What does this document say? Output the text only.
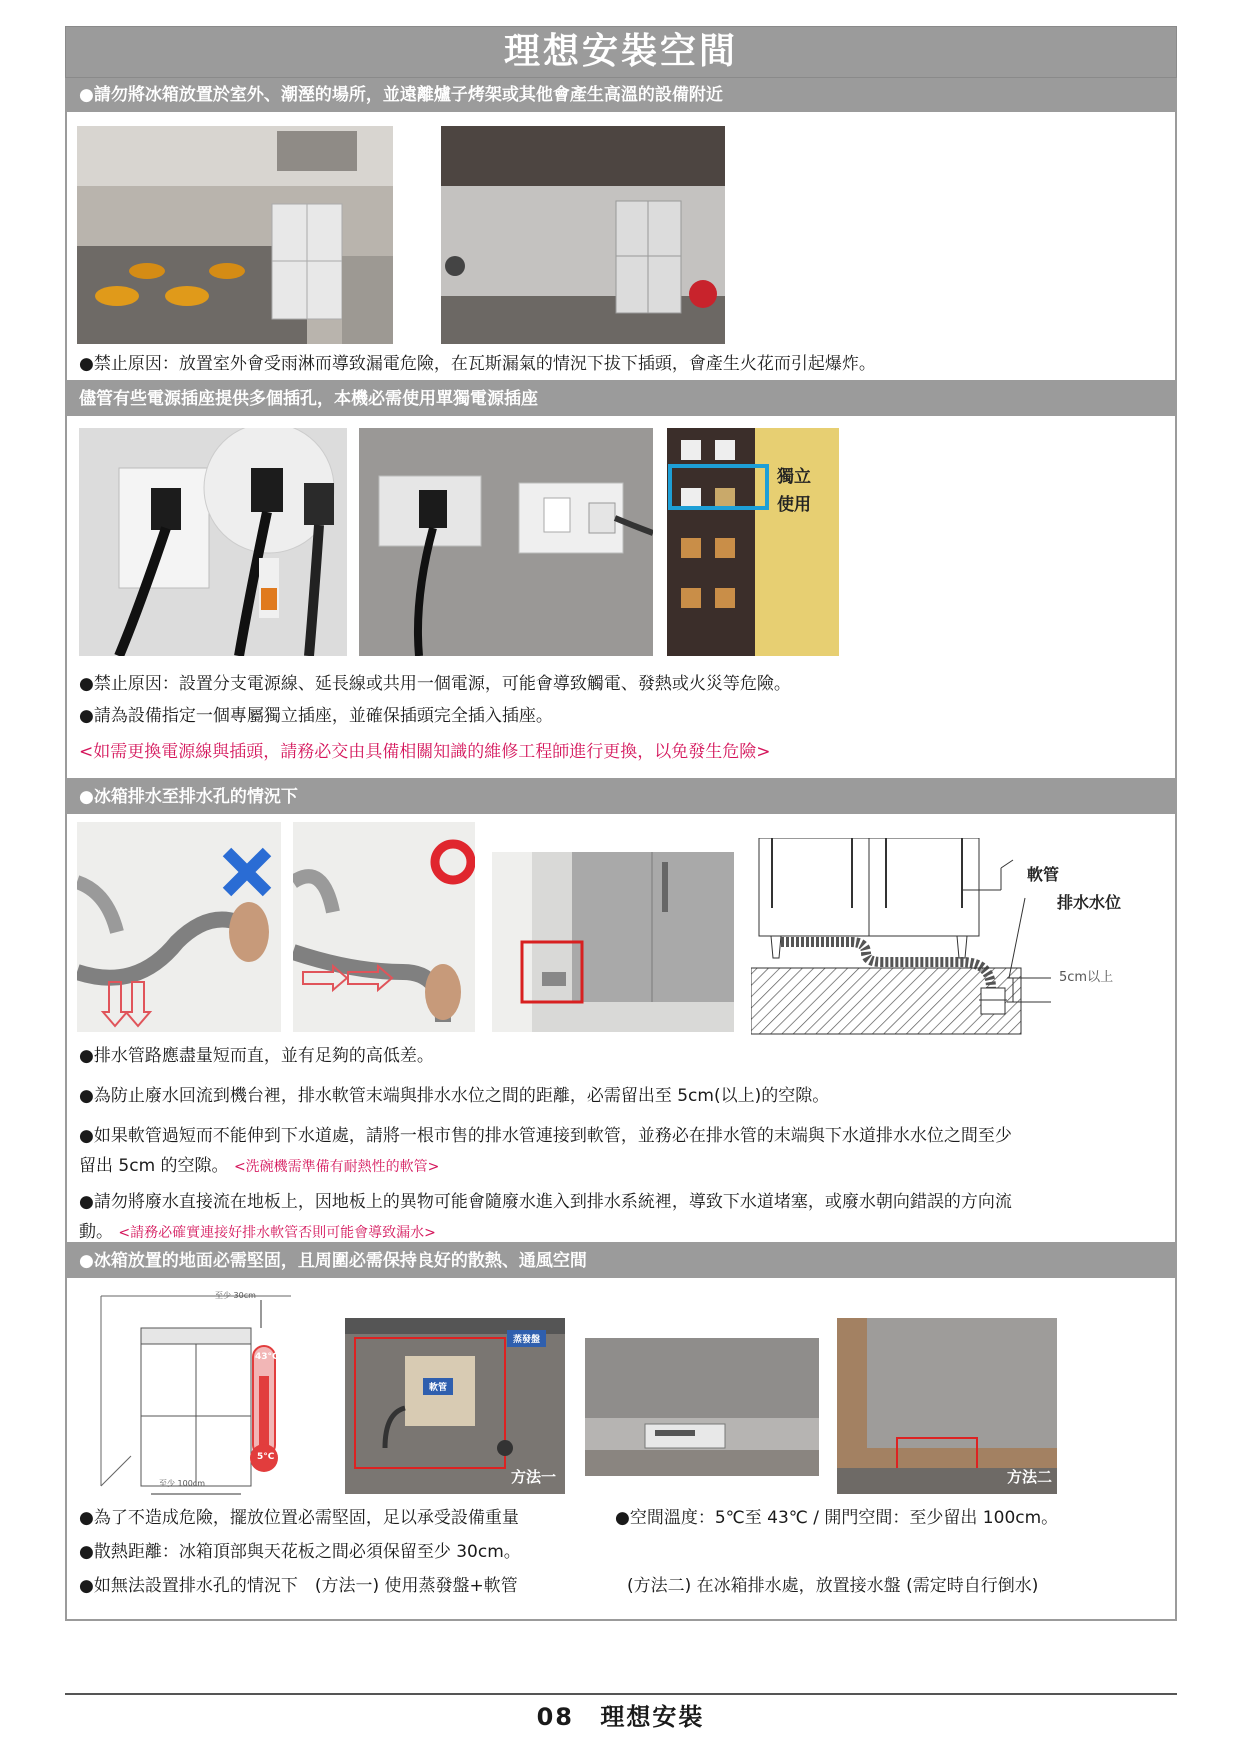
理想安裝空間
●請勿將冰箱放置於室外、潮溼的場所，並遠離爐子烤架或其他會產生高溫的設備附近
●禁止原因：放置室外會受雨淋而導致漏電危險，在瓦斯漏氣的情況下拔下插頭，會產生火花而引起爆炸。
儘管有些電源插座提供多個插孔，本機必需使用單獨電源插座
獨立
使用
●禁止原因：設置分支電源線、延長線或共用一個電源，可能會導致觸電、發熱或火災等危險。
●請為設備指定一個專屬獨立插座，並確保插頭完全插入插座。
<如需更換電源線與插頭，請務必交由具備相關知識的維修工程師進行更換，以免發生危險>
●冰箱排水至排水孔的情況下
軟管
排水水位
5cm以上
●排水管路應盡量短而直，並有足夠的高低差。
●為防止廢水回流到機台裡，排水軟管末端與排水水位之間的距離，必需留出至 5cm(以上)的空隙。
●如果軟管過短而不能伸到下水道處，請將一根市售的排水管連接到軟管，並務必在排水管的末端與下水道排水水位之間至少
留出 5cm 的空隙。 <洗碗機需準備有耐熱性的軟管>
●請勿將廢水直接流在地板上，因地板上的異物可能會隨廢水進入到排水系統裡，導致下水道堵塞，或廢水朝向錯誤的方向流
動。 <請務必確實連接好排水軟管否則可能會導致漏水>
●冰箱放置的地面必需堅固，且周圍必需保持良好的散熱、通風空間
至少 30cm
至少 100cm
43°C
5°C
蒸發盤
軟管
方法一	方法二
●為了不造成危險，擺放位置必需堅固，足以承受設備重量	●空間溫度：5℃至 43℃ / 開門空間：至少留出 100cm。
●散熱距離：冰箱頂部與天花板之間必須保留至少 30cm。
●如無法設置排水孔的情況下　(方法一) 使用蒸發盤+軟管	(方法二) 在冰箱排水處，放置接水盤 (需定時自行倒水)
08 理想安裝
